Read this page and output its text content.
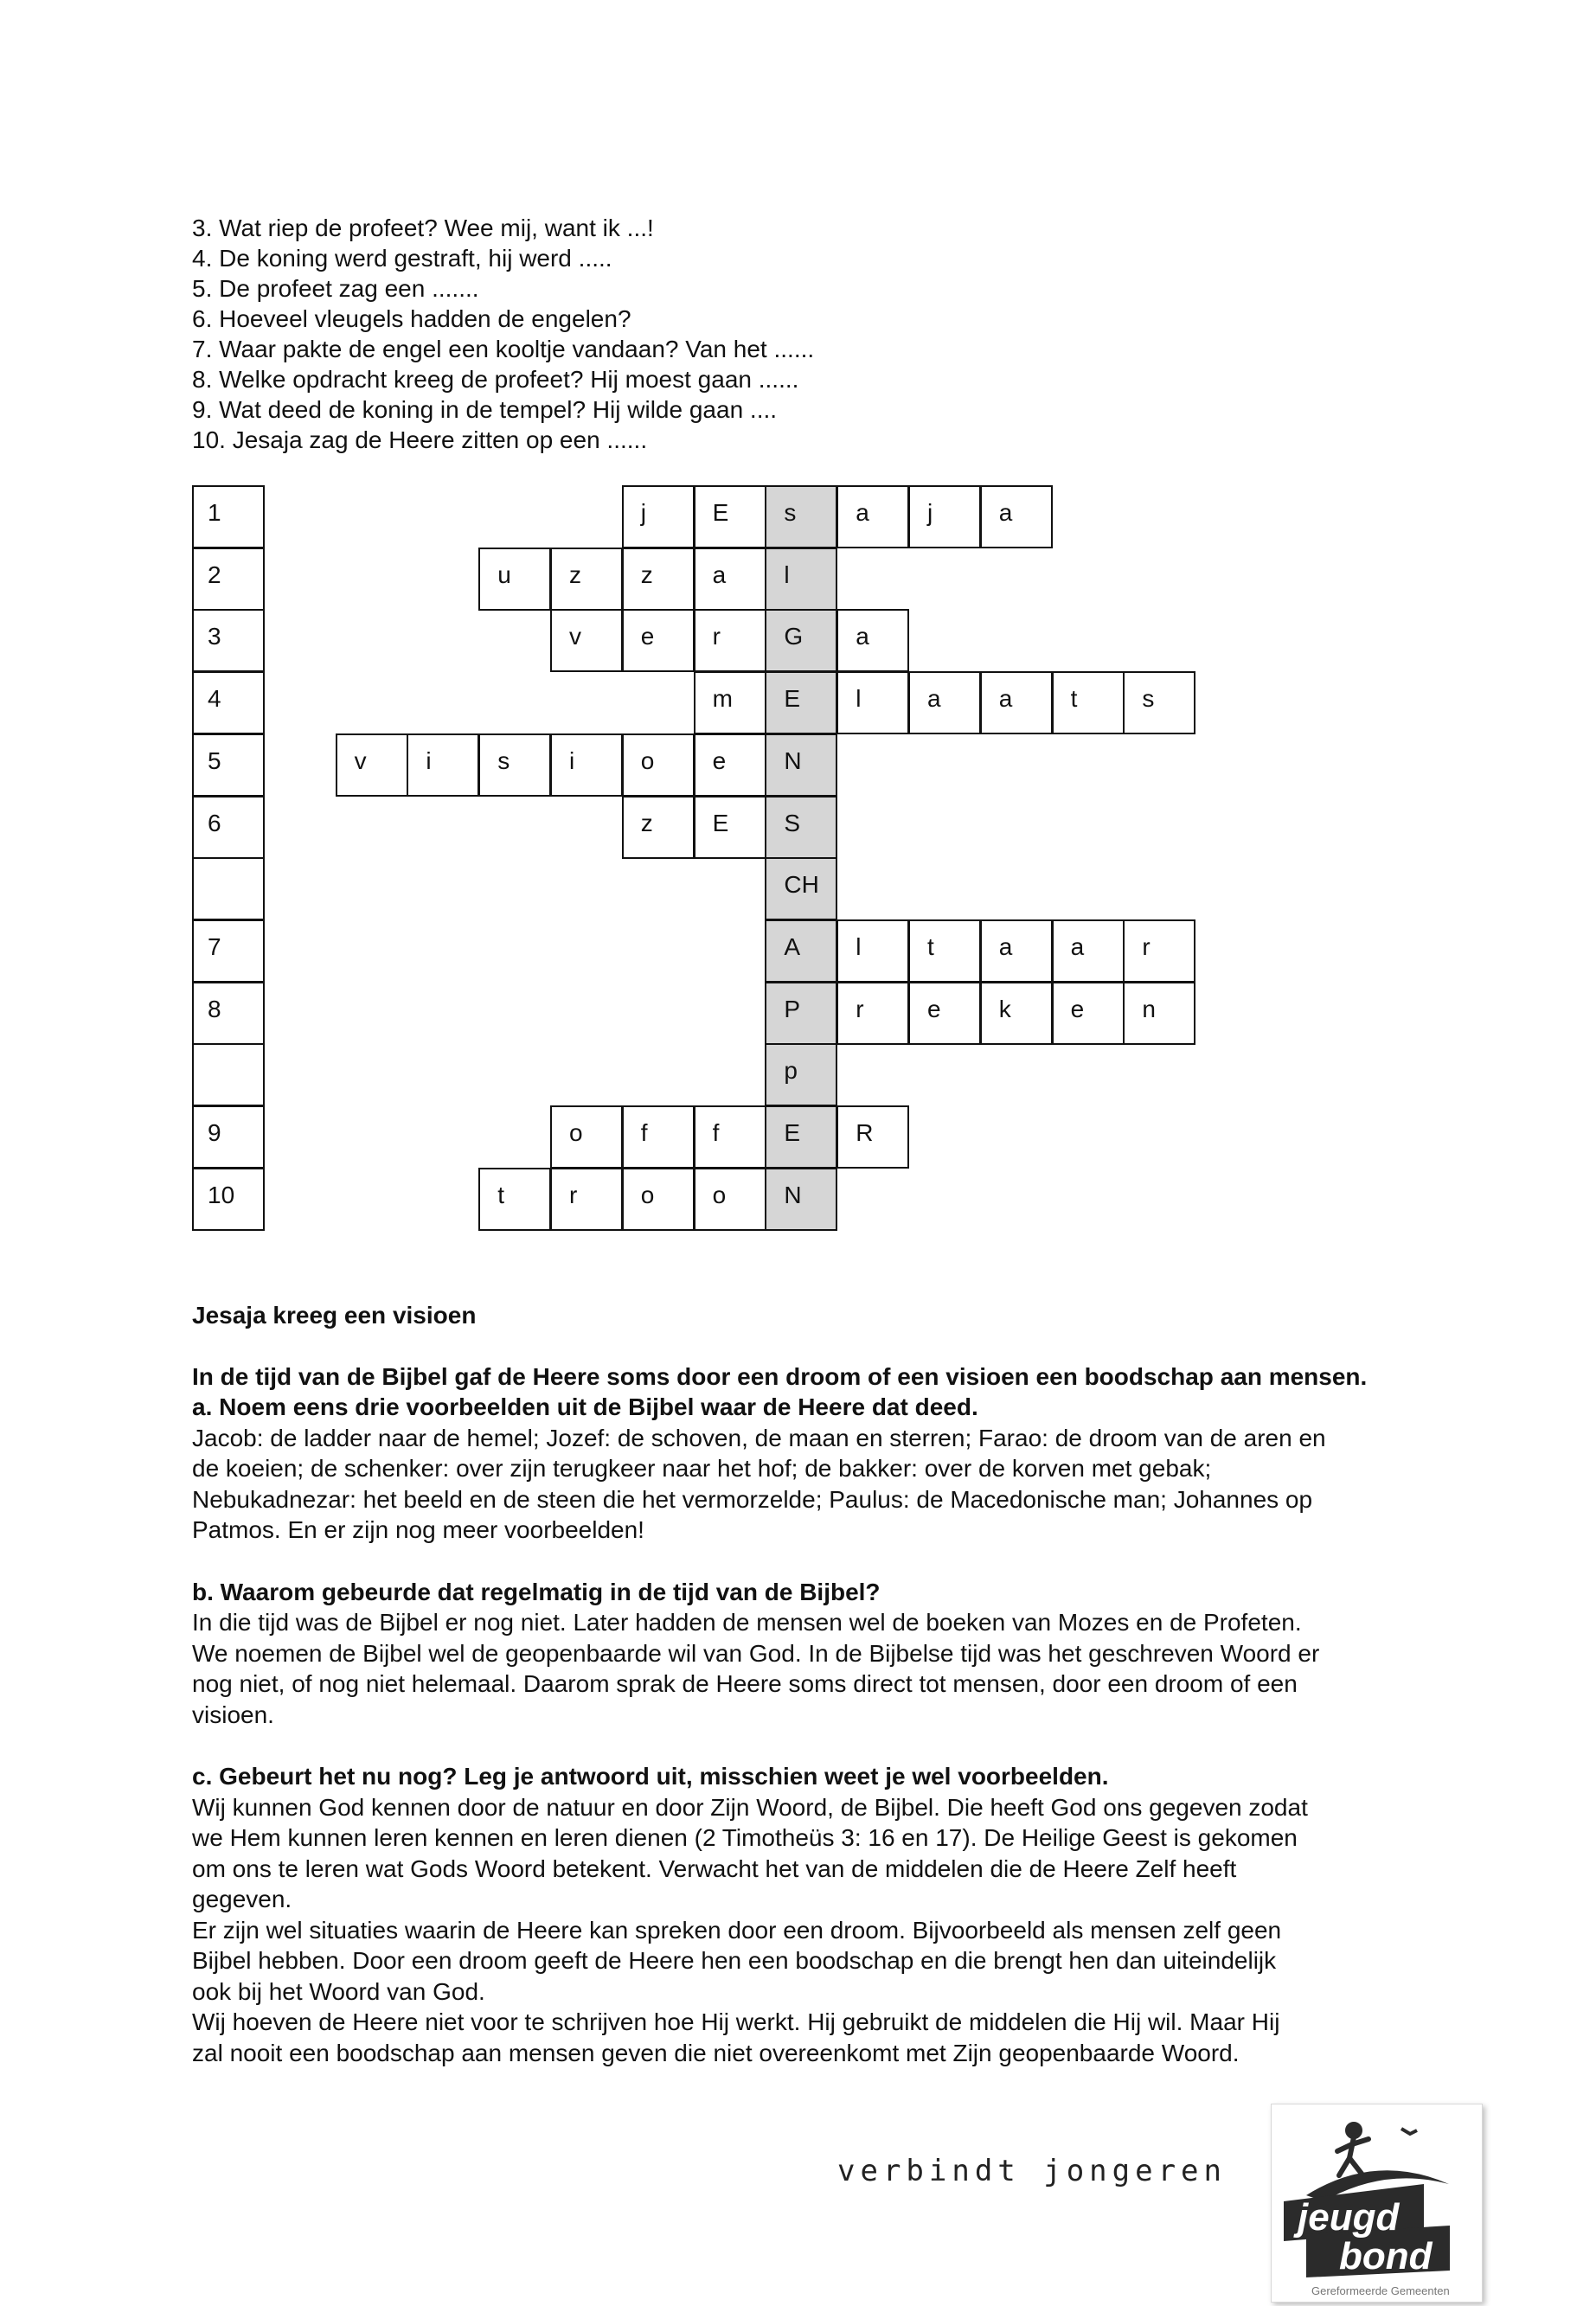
3. Wat riep de profeet? Wee mij, want ik ...!
4. De koning werd gestraft, hij werd .....
5. De profeet zag een .......
6. Hoeveel vleugels hadden de engelen?
7. Waar pakte de engel een kooltje vandaan? Van het ......
8. Welke opdracht kreeg de profeet? Hij moest gaan ......
9. Wat deed de koning in de tempel? Hij wilde gaan ....
10. Jesaja zag de Heere zitten op een ......
1	j	E s a j	a
2	u z z a l
3	v e r	G a
4	m E l	a a t	s
5	v i	s i	o e N
6	z E S
CH
7	A l	t	a a r
8	P r	e k e n
p
9	o f	f	E R
10	t	r	o o N

Jesaja kreeg een visioen

In de tijd van de Bijbel gaf de Heere soms door een droom of een visioen een boodschap aan mensen.

a. Noem eens drie voorbeelden uit de Bijbel waar de Heere dat deed.

Jacob: de ladder naar de hemel; Jozef: de schoven, de maan en sterren; Farao: de droom van de aren en

de koeien; de schenker: over zijn terugkeer naar het hof; de bakker: over de korven met gebak;

Nebukadnezar: het beeld en de steen die het vermorzelde; Paulus: de Macedonische man; Johannes op

Patmos. En er zijn nog meer voorbeelden!

b. Waarom gebeurde dat regelmatig in de tijd van de Bijbel?

In die tijd was de Bijbel er nog niet. Later hadden de mensen wel de boeken van Mozes en de Profeten.

We noemen de Bijbel wel de geopenbaarde wil van God. In de Bijbelse tijd was het geschreven Woord er

nog niet, of nog niet helemaal. Daarom sprak de Heere soms direct tot mensen, door een droom of een

visioen.

c. Gebeurt het nu nog? Leg je antwoord uit, misschien weet je wel voorbeelden.

Wij kunnen God kennen door de natuur en door Zijn Woord, de Bijbel. Die heeft God ons gegeven zodat

we Hem kunnen leren kennen en leren dienen (2 Timotheüs 3: 16 en 17). De Heilige Geest is gekomen

om ons te leren wat Gods Woord betekent. Verwacht het van de middelen die de Heere Zelf heeft

gegeven.

Er zijn wel situaties waarin de Heere kan spreken door een droom. Bijvoorbeeld als mensen zelf geen

Bijbel hebben. Door een droom geeft de Heere hen een boodschap en die brengt hen dan uiteindelijk

ook bij het Woord van God.

Wij hoeven de Heere niet voor te schrijven hoe Hij werkt. Hij gebruikt de middelen die Hij wil. Maar Hij

zal nooit een boodschap aan mensen geven die niet overeenkomt met Zijn geopenbaarde Woord.

verbindt jongeren
jeugd
bond
Gereformeerde Gemeenten
